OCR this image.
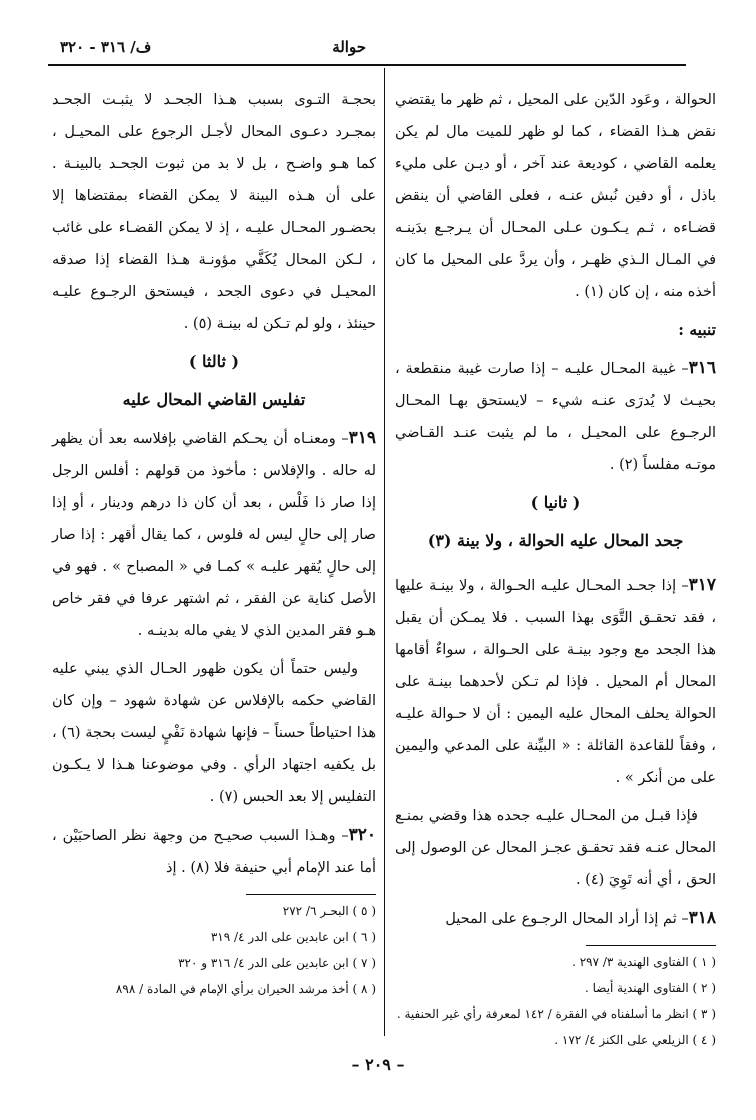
ف/ ٣١٦ - ٣٢٠	حوالة

الحوالة ، وعَود الدّين على المحيل ، ثم ظهر ما يقتضي نقض هـذا القضاء ، كما لو ظهر للميت مال لم يكن يعلمه القاضي ، كوديعة عند آخر ، أو ديـن على مليء باذل ، أو دفين نُبش عنـه ، فعلى القاضي أن ينقض قضـاءه ، ثـم يـكـون عـلى المحـال أن يـرجـع بدَينـه في المـال الـذي ظهـر ، وأن يردَّ على المحيل ما كان أخذه منه ، إن كان (١) .

تنبيه :

٣١٦– غيبة المحـال عليـه – إذا صارت غيبة منقطعة ، بحيـث لا يُدرَى عنـه شيء – لايستحق بهـا المحـال الرجـوع على المحيـل ، ما لم يثبت عنـد القـاضي موتـه مفلساً (٢) .

( ثانيا )

جحد المحال عليه الحوالة ، ولا بينة (٣)

٣١٧– إذا جحـد المحـال عليـه الحـوالة ، ولا بينـة عليها ، فقد تحقـق التَّوَى بهذا السبب . فلا يمـكن أن يقبل هذا الجحد مع وجود بينـة على الحـوالة ، سواءٌ أقامها المحال أم المحيل . فإذا لم تـكن لأحدهما بينـة على الحوالة يحلف المحال عليه اليمين : أن لا حـوالة عليـه ، وفقاً للقاعدة القائلة : « البيِّنة على المدعي واليمين على من أنكر » .

فإذا قبـل من المحـال عليـه جحده هذا وقضي بمنـع المحال عنـه فقد تحقـق عجـز المحال عن الوصول إلى الحق ، أي أنه تَوِيَ (٤) .

٣١٨– ثم إذا أراد المحال الرجـوع على المحيل

( ١ ) الفتاوى الهندية ٣/ ٢٩٧ .

( ٢ ) الفتاوى الهندية أيضا .

( ٣ ) انظر ما أسلفناه في الفقرة / ١٤٢ لمعرفة رأي غير الحنفية .

( ٤ ) الزيلعي على الكنز ٤/ ١٧٢ .

بحجـة التـوى بسبب هـذا الجحـد لا يثبـت الجحـد بمجـرد دعـوى المحال لأجـل الرجوع على المحيـل ، كما هـو واضـح ، بل لا بد من ثبوت الجحـد بالبينـة . على أن هـذه البينة لا يمكن القضاء بمقتضاها إلا بحضـور المحـال عليـه ، إذ لا يمكن القضـاء على غائب ، لـكن المحال يُكَفَّي مؤونـة هـذا القضاء إذا صدقه المحيـل في دعوى الجحد ، فيستحق الرجـوع عليـه حينئذ ، ولو لم تـكن له بينـة (٥) .

( ثالثا )

تفليس القاضي المحال عليه

٣١٩– ومعنـاه أن يحـكم القاضي بإفلاسه بعد أن يظهر له حاله . والإفلاس : مأخوذ من قولهم : أفلس الرجل إذا صار ذا فَلْس ، بعد أن كان ذا درهم ودينار ، أو إذا صار إلى حالٍ ليس له فلوس ، كما يقال أقهر : إذا صار إلى حالٍ يُقهر عليـه » كمـا في « المصباح » . فهو في الأصل كناية عن الفقر ، ثم اشتهر عرفا في فقر خاص هـو فقر المدين الذي لا يفي ماله بدينـه .

وليس حتماً أن يكون ظهور الحـال الذي يبني عليه القاضي حكمه بالإفلاس عن شهادة شهود – وإن كان هذا احتياطاً حسناً – فإنها شهادة نَفْيٍ ليست بحجة (٦) ، بل يكفيه اجتهاد الرأي . وفي موضوعنا هـذا لا يـكـون التفليس إلا بعد الحبس (٧) .

٣٢٠– وهـذا السبب صحيـح من وجهة نظر الصاحبَيْن ، أما عند الإمام أبي حنيفة فلا (٨) . إذ

( ٥ ) البحـر ٦/ ٢٧٢

( ٦ ) ابن عابدين على الدر ٤/ ٣١٩

( ٧ ) ابن عابدين على الدر ٤/ ٣١٦ و ٣٢٠

( ٨ ) أخذ مرشد الحيران برأي الإمام في المادة / ٨٩٨

– ٢٠٩ –
